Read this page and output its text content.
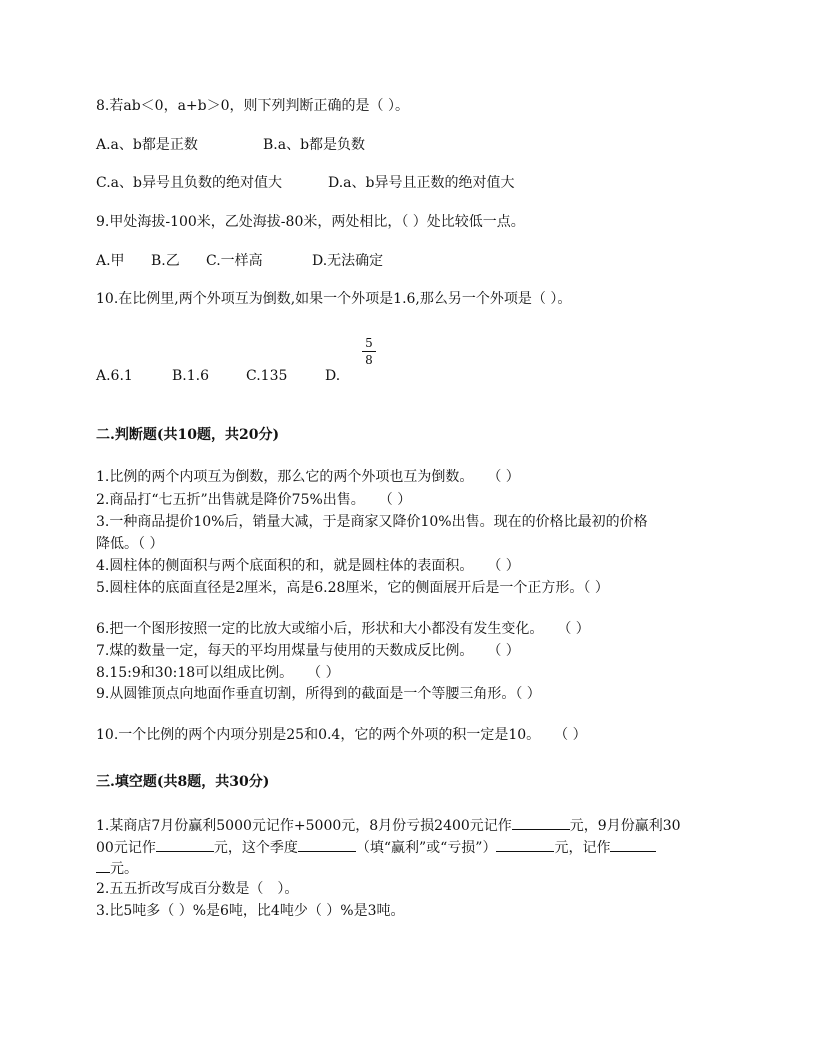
8.若ab＜0，a+b＞0，则下列判断正确的是（ ）。
A.a、b都是正数	B.a、b都是负数
C.a、b异号且负数的绝对值大	D.a、b异号且正数的绝对值大
9.甲处海拔-100米，乙处海拔-80米，两处相比，（ ）处比较低一点。
A.甲 B.乙 C.一样高	D.无法确定
10.在比例里,两个外项互为倒数,如果一个外项是1.6,那么另一个外项是（ ）。
5
8
A.6.1	B.1.6	C.135	D.
二.判断题(共10题，共20分)
1.比例的两个内项互为倒数，那么它的两个外项也互为倒数。　　（ ）
2.商品打“七五折”出售就是降价75%出售。　　（ ）
3.一种商品提价10%后，销量大减，于是商家又降价10%出售。现在的价格比最初的价格
降低。（ ）
4.圆柱体的侧面积与两个底面积的和，就是圆柱体的表面积。　　（ ）
5.圆柱体的底面直径是2厘米，高是6.28厘米，它的侧面展开后是一个正方形。（ ）
6.把一个图形按照一定的比放大或缩小后，形状和大小都没有发生变化。　　（ ）
7.煤的数量一定，每天的平均用煤量与使用的天数成反比例。　　（ ）
8.15:9和30:18可以组成比例。　　（ ）
9.从圆锥顶点向地面作垂直切割，所得到的截面是一个等腰三角形。（ ）
10.一个比例的两个内项分别是25和0.4，它的两个外项的积一定是10。　　（ ）
三.填空题(共8题，共30分)
1.某商店7月份赢利5000元记作+5000元，8月份亏损2400元记作	元，9月份赢利30
00元记作	元，这个季度	（填“赢利”或“亏损”）	元，记作
元。
2.五五折改写成百分数是（　）。
3.比5吨多（ ）%是6吨，比4吨少（ ）%是3吨。
